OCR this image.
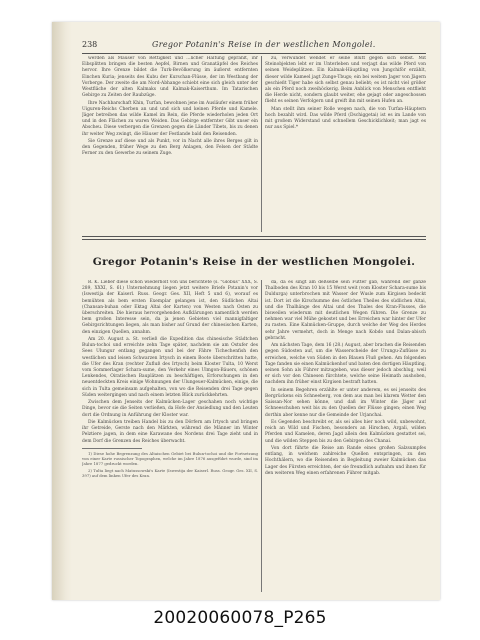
238	Gregor Potanin's Reise in der westlichen Mongolei.

werden als Mauser von Rettigkeit und ...licher Haltung geprahlt, ihr Eibsplitten bringen die besten Aepfel, Birnen und Granatäpfel des Reiches hervor. Ihre Grenze bildet die Turk-Bevölkerung im äußerst entfernten Einchen Kuria; jenseits des Kubu der Kurschan-Flüsse, der im Westbang der Vorberge. Der zweite die am Nord-Abhange schiebt eine sich gleich unter der Westfläche der alten Kalmaks und Kalmak-Kaiserthum. Im Tatarischen Gebirge zu Zeiten der Raubzüge.

Ihre Nachbarschaft Khin, Turfan, bewohnen jene im Ausläufer einem früher Uiguren-Reichs Cherben an und und sich und keinen Pferde und Kamele. Jäger betreiben das wilde Kamel im Rein, die Pferde wiederholen jeden Ort und in den Flächen zu waren Weiden. Das Gebirge entfernter Gibt unser ein Abscheu. Diese verbergen die Grenzen gegen die Länder Tibets, bis zu denen ihr weiter Weg zwingt, die Häuser der Festlande bald den Reisenden.

Sie Grenze auf diese und als Punkt, vor in Nacht alle ihres Berges gilt in den Gegenden, früher Wege zu den Berg Anlagen, den Felsen der Städte Ferner zu den Gewerbe zu seinem Zuge.

zu, verwundet wendet er seine Blutt gegen sich selbst. Mit Steinobjekten lebt er im Unterleben und verjagt das wilde Pferd von seinen Weideplätzen. Ein Kalmak-Häuptling von Jungchiför erzählt, dieser wilde Kameel jagt Zunge-Tbugs; ein bei weitem Jager von Jägern geschießt Tiger habe sich selbst genau beliebt; es ist nicht viel größer als ein Pferd noch zweihöckerig. Beim Anblick von Menschen entflieht die Herde nicht, sondern glaubt weiter, ehe gejagt oder angeschossen flieht es seinen Verfolgern und greift ihn mit seinen Hufen an.

Man stellt ihm seiner Rolle wegen nach, die von Turfan-Häuptern hoch bezahlt wird. Das wilde Pferd (Dschiggetai) ist es im Lande von mit großem Widerstand und schnellem Geschicklichkeit; man jagt es nur aus Spiel.*

Gregor Potanin's Reise in der westlichen Mongolei.

R. K. Lieber diese schon wiederholt von uns berichtete (s. "Globus" XXX, S. 289, XXXI, S. 61) Unternehmung liegen jetzt weitere Briefe Potanin's vor (Iswestija der Kaiserl. Russ. Geogr. Ges. XII, Heft 5 und 6), worauf es bemühten als bem ersten Exemplar gelangen ist, den Südlichen Altai (Chansan-buhan oder Ektag Altai der Karten) von Westen nach Osten zu überschreiten. Die hieraus hervorgehenden Aufklärungen namentlich werden bem großen Interesse sein, da ja jenen Gebieten viel mannigfaltiger Gebirgsrichtungen liegen, als man bisher auf Grund der chinesischen Karten, den einzigen Quellen, annahm.

Am 20. August a. St. verließ die Expedition das chinesische Städtchen Bulun-tochoi und erreichte zehn Tage später, nachdem sie am Ostufer des Sees Ulungur entlang gegangen und bei der Fähre Tichechenfish den westlichen und leisen Schwarzen Irtysch in einem Boote überschritten hatte, die Ufer des Kran (rechter Zufluß des Irtysch) beim Kloster Tulta, 10 Werst vom Sommerlager Schara-sume, den Verkehr eines Ulmgon-Bäuers, schönen Lenkendes, Oiratischen Bauplätzen zu beschäftigen, Erforschungen in den neuentdeckten Kreis einige Wohnungen der Ulungeuer-Kalmücken, einige, die sich in Tulta gemeinsam aufgehalten, von wo die Reisenden drei Tage gegen Süden weitergingen und nach einem letzten Blick zurückkehrten.

Zwischen dem Jenseits der Kalmücken-Lager geschahen noch wichtige Dinge, bevor sie die Seiten verließen, da Hofe der Ansiedlung und den Leuten dort die Ordnung in Anführung der Kloster war.

Die Kalmücken treiben Handel bis zu den Dörfern am Irtysch und bringen ihr Getreide, Gerste nach den Märkten, während die Männer im Winter Pelztiere jagen, in dem eine Karawane des Nordens drei Tage zieht und in dem Dorf die Grenzen des Reiches überwacht.

1) Diese hohe Begrenzung des Altaischen Gebiet bei Bulun-tochoi und die Fortsetzung von einer Karte russischer Topographen, welche im Jahre 1876 ausgeführt wurde, sind im Jahre 1877 gedruckt worden.

2) Tulta liegt nach Matussowski's Karte (Iswestija der Kaiserl. Russ. Geogr. Ges. XII, S. 397) auf dem linken Ufer des Kran.

da, da es singt am deßselbe sein Futter gab, während der ganze Thalboden des Kran 10 bis 15 Werst weit (vom Kloster Schara-sume bis Duldurga) unterbrochen mit Wasser der Wusle zum Kirgisen bedeckt ist. Dort ist die Kirschumme des östlichen Theiles des südlichen Altai, und die Thalhänge des Altai und des Thales des Kran-Flusses, die bisweilen wiederum mit deutlichen Wegen führen. Die Grenze zu nehmen war viel Mühe gekostet und bes Erreichen war hinter der Ufer zu rasten. Eine Kalmücken-Gruppe, durch welche der Weg des Herdes sehr Jahre vermehrt, doch in Menge nach Kobdo und Dalan-abisch gebracht.

Am nächsten Tage, dem 16 (28.) August, aber brachen die Reisenden gegen Südosten auf, um die Wasserscheide der Urungu-Zuflüsse zu erreichen, welche von Süden in den Blauen Fluß gehen. Am folgenden Tage fanden sie einen Kalmückenhof und baten den dortigen Häuptling, seinen Sohn als Führer mitzugeben, was dieser jedoch abschlug, weil er sich vor den Chinesen fürchtete, welche seine Heimath aushoben, nachdem ihn früher einst Kirgisen bestraft hatten.

In seinem Begehren erzählte er unter anderem, es sei jenseits des Bergrückens ein Schneeberg, von dem aus man bei klarem Wetter den Saissan-Nor sehen könne, und daß im Winter die Jäger auf Schneeschuhen weit bis zu den Quellen der Flüsse gingen; einen Weg dorthin aber kenne nur die Gemeinde der Urjanchai.

Es Gegenden beschreibt er, als sei alles hier noch wild, unbewohnt, reich an Wild und Fischen, besonders an Hirschen, Argali, wilden Pferden und Kamelen, deren Jagd allein den Kalmücken gestattet sei, und die wilden Steppen bis zu den Gebirgen des Chanai.

Von dort führte die Reise am Rande eines großen Salzsumpfes entlang, in welchem zahlreiche Quellen entspringen, zu den Hochthälern, wo die Reisenden in Begleitung zweier Kalmücken das Lager des Fürsten erreichten, der sie freundlich aufnahm und ihnen für den weiteren Weg einen erfahrenen Führer mitgab.

20020060078_P265
